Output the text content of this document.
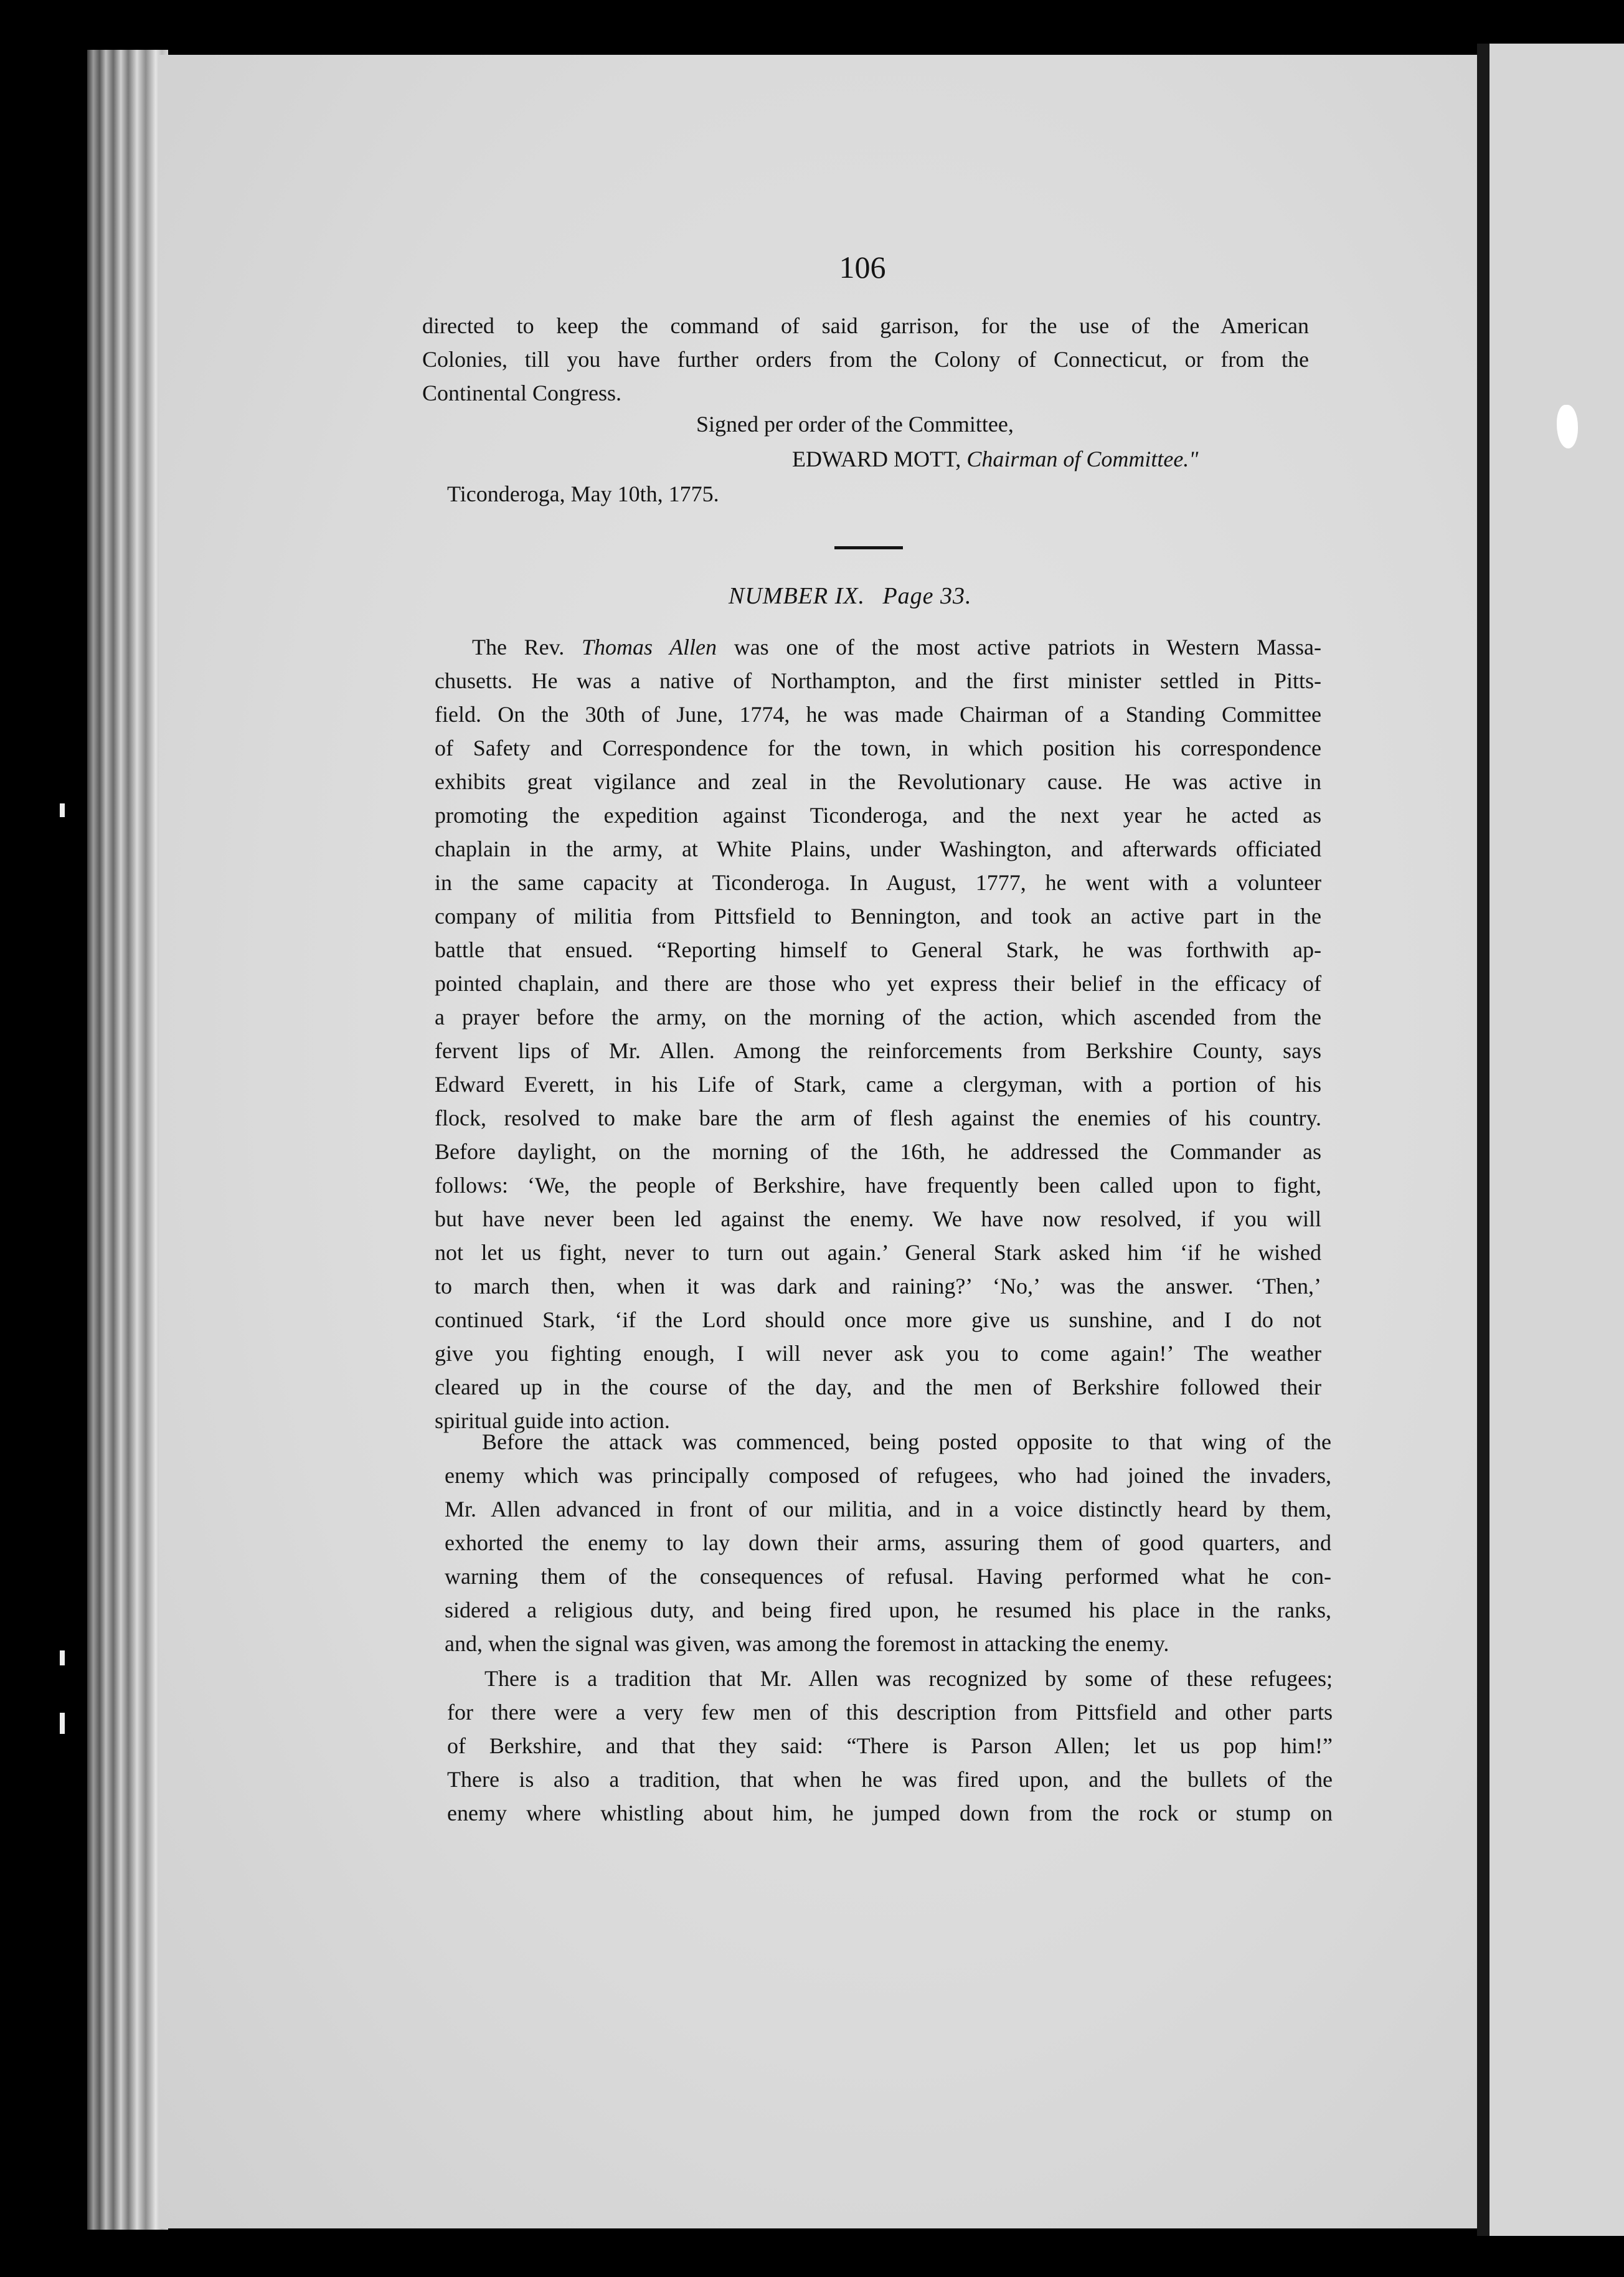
106
directed to keep the command of said garrison, for the use of the American
Colonies, till you have further orders from the Colony of Connecticut, or from the
Continental Congress.
Signed per order of the Committee,
EDWARD MOTT, Chairman of Committee."
Ticonderoga, May 10th, 1775.
NUMBER IX. Page 33.
The Rev. Thomas Allen was one of the most active patriots in Western Massa-
chusetts. He was a native of Northampton, and the first minister settled in Pitts-
field. On the 30th of June, 1774, he was made Chairman of a Standing Committee
of Safety and Correspondence for the town, in which position his correspondence
exhibits great vigilance and zeal in the Revolutionary cause. He was active in
promoting the expedition against Ticonderoga, and the next year he acted as
chaplain in the army, at White Plains, under Washington, and afterwards officiated
in the same capacity at Ticonderoga. In August, 1777, he went with a volunteer
company of militia from Pittsfield to Bennington, and took an active part in the
battle that ensued. “Reporting himself to General Stark, he was forthwith ap-
pointed chaplain, and there are those who yet express their belief in the efficacy of
a prayer before the army, on the morning of the action, which ascended from the
fervent lips of Mr. Allen. Among the reinforcements from Berkshire County, says
Edward Everett, in his Life of Stark, came a clergyman, with a portion of his
flock, resolved to make bare the arm of flesh against the enemies of his country.
Before daylight, on the morning of the 16th, he addressed the Commander as
follows: ‘We, the people of Berkshire, have frequently been called upon to fight,
but have never been led against the enemy. We have now resolved, if you will
not let us fight, never to turn out again.’ General Stark asked him ‘if he wished
to march then, when it was dark and raining?’ ‘No,’ was the answer. ‘Then,’
continued Stark, ‘if the Lord should once more give us sunshine, and I do not
give you fighting enough, I will never ask you to come again!’ The weather
cleared up in the course of the day, and the men of Berkshire followed their
spiritual guide into action.
Before the attack was commenced, being posted opposite to that wing of the
enemy which was principally composed of refugees, who had joined the invaders,
Mr. Allen advanced in front of our militia, and in a voice distinctly heard by them,
exhorted the enemy to lay down their arms, assuring them of good quarters, and
warning them of the consequences of refusal. Having performed what he con-
sidered a religious duty, and being fired upon, he resumed his place in the ranks,
and, when the signal was given, was among the foremost in attacking the enemy.
There is a tradition that Mr. Allen was recognized by some of these refugees;
for there were a very few men of this description from Pittsfield and other parts
of Berkshire, and that they said: “There is Parson Allen; let us pop him!”
There is also a tradition, that when he was fired upon, and the bullets of the
enemy where whistling about him, he jumped down from the rock or stump on
